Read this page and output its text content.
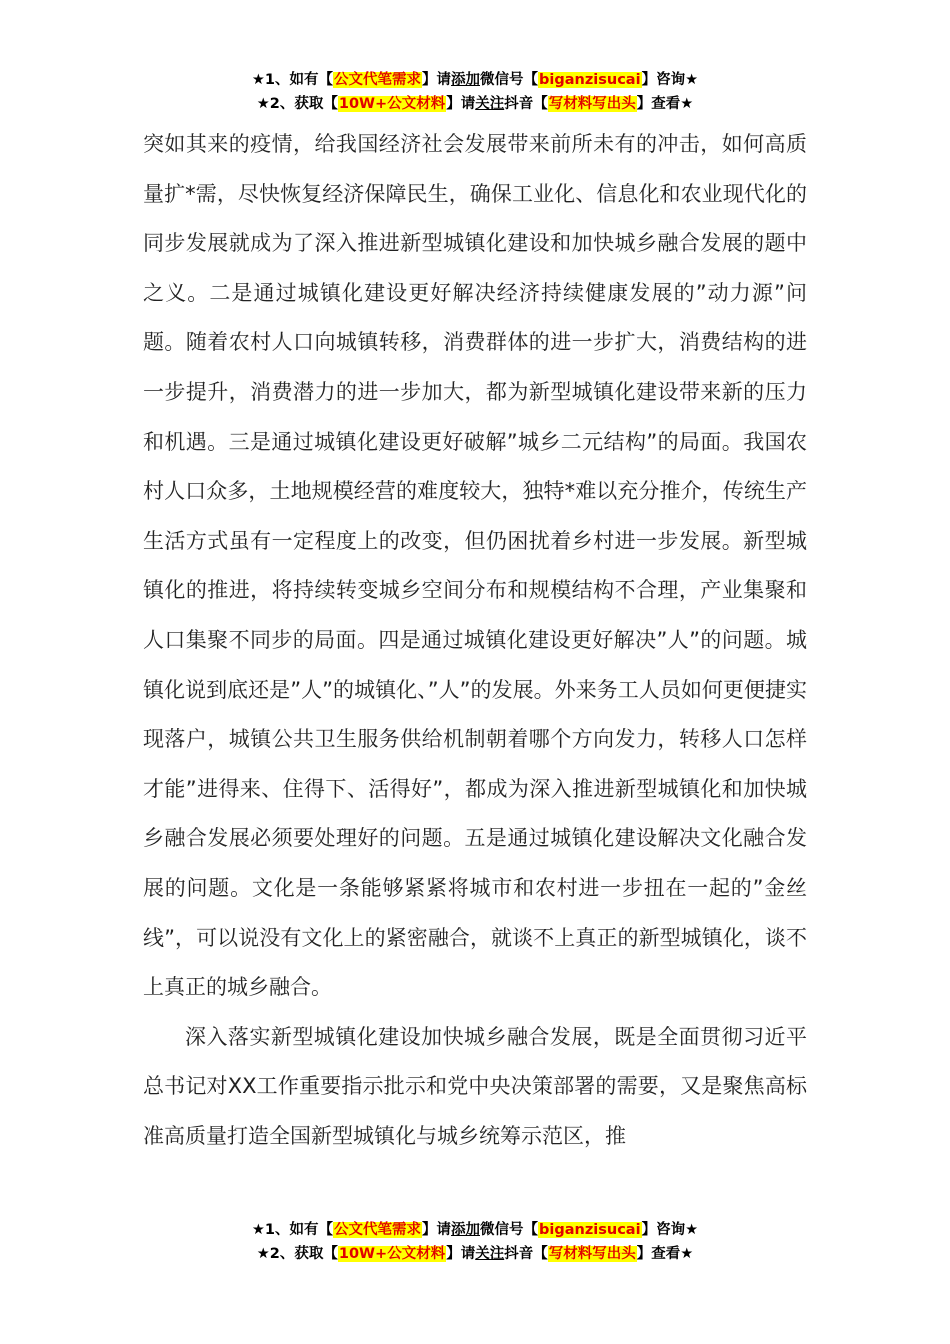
★1、如有【公文代笔需求】请添加微信号【biganzisucai】咨询★
★2、获取【10W+公文材料】请关注抖音【写材料写出头】查看★

突如其来的疫情，给我国经济社会发展带来前所未有的冲击，如何高质量扩*需，尽快恢复经济保障民生，确保工业化、信息化和农业现代化的同步发展就成为了深入推进新型城镇化建设和加快城乡融合发展的题中之义。二是通过城镇化建设更好解决经济持续健康发展的”动力源”问题。随着农村人口向城镇转移，消费群体的进一步扩大，消费结构的进一步提升，消费潜力的进一步加大，都为新型城镇化建设带来新的压力和机遇。三是通过城镇化建设更好破解”城乡二元结构”的局面。我国农村人口众多，土地规模经营的难度较大，独特*难以充分推介，传统生产生活方式虽有一定程度上的改变，但仍困扰着乡村进一步发展。新型城镇化的推进，将持续转变城乡空间分布和规模结构不合理，产业集聚和人口集聚不同步的局面。四是通过城镇化建设更好解决”人”的问题。城镇化说到底还是”人”的城镇化、”人”的发展。外来务工人员如何更便捷实现落户，城镇公共卫生服务供给机制朝着哪个方向发力，转移人口怎样才能”进得来、住得下、活得好”，都成为深入推进新型城镇化和加快城乡融合发展必须要处理好的问题。五是通过城镇化建设解决文化融合发展的问题。文化是一条能够紧紧将城市和农村进一步扭在一起的”金丝线”，可以说没有文化上的紧密融合，就谈不上真正的新型城镇化，谈不上真正的城乡融合。

深入落实新型城镇化建设加快城乡融合发展，既是全面贯彻习近平总书记对XX工作重要指示批示和党中央决策部署的需要，又是聚焦高标准高质量打造全国新型城镇化与城乡统筹示范区，推

★1、如有【公文代笔需求】请添加微信号【biganzisucai】咨询★
★2、获取【10W+公文材料】请关注抖音【写材料写出头】查看★
